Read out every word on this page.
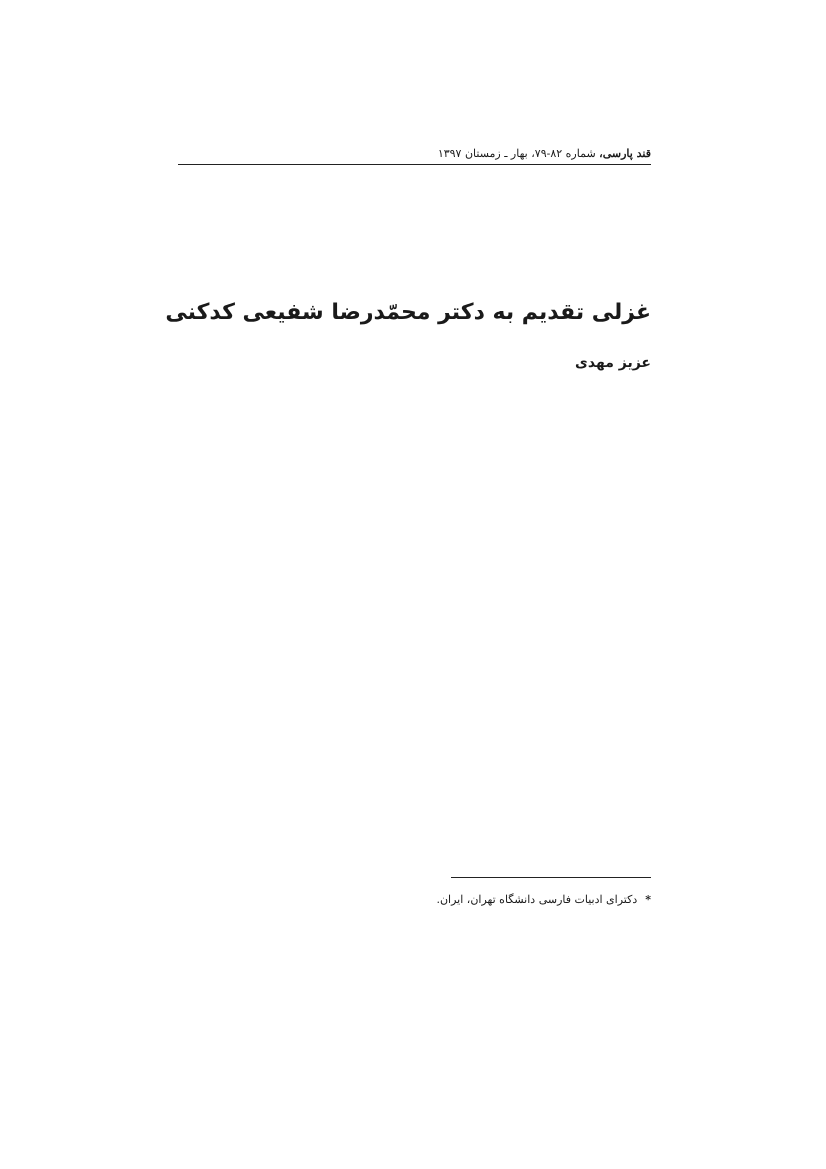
قند پارسی، شماره ۸۲-۷۹، بهار ـ زمستان ۱۳۹۷
غزلی تقدیم به دکتر محمّدرضا شفیعی کدکنی
عزیز مهدی
*دکترای ادبیات فارسی دانشگاه تهران، ایران.
